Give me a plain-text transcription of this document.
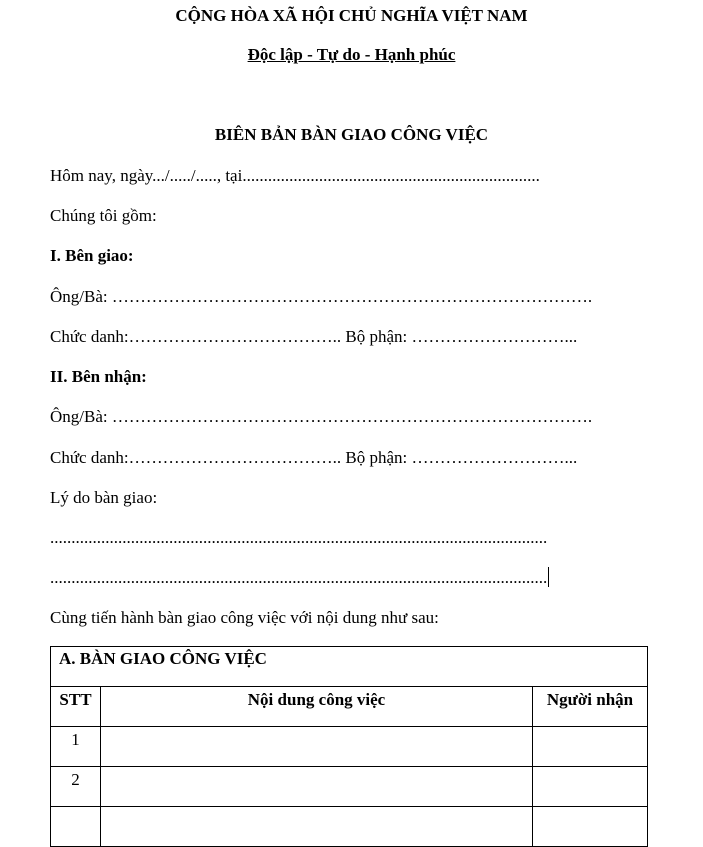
CỘNG HÒA XÃ HỘI CHỦ NGHĨA VIỆT NAM
Độc lập - Tự do - Hạnh phúc
BIÊN BẢN BÀN GIAO CÔNG VIỆC
Hôm nay, ngày.../...../....., tại......................................................................
Chúng tôi gồm:
I. Bên giao:
Ông/Bà: ………………………………………………………………………….
Chức danh:……………………………….. Bộ phận: ………………………...
II. Bên nhận:
Ông/Bà: ………………………………………………………………………….
Chức danh:……………………………….. Bộ phận: ………………………...
Lý do bàn giao:
.....................................................................................................................
.....................................................................................................................
Cùng tiến hành bàn giao công việc với nội dung như sau:
A. BÀN GIAO CÔNG VIỆC		
STT	Nội dung công việc	Người nhận
1		
2		
